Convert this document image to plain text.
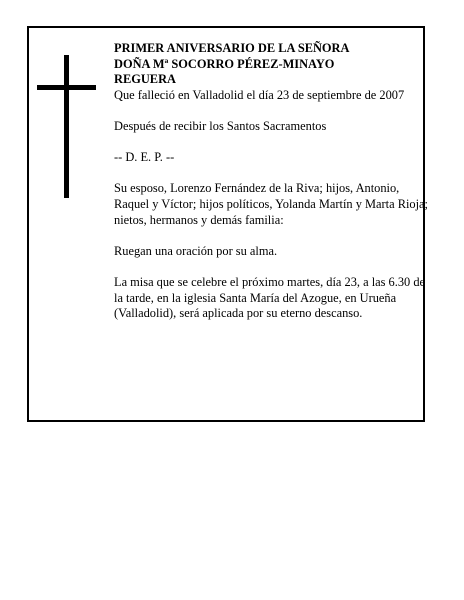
PRIMER ANIVERSARIO DE LA SEÑORA

DOÑA Mª SOCORRO PÉREZ-MINAYO

REGUERA

Que falleció en Valladolid el día 23 de septiembre de 2007

Después de recibir los Santos Sacramentos

-- D. E. P. --

Su esposo, Lorenzo Fernández de la Riva; hijos, Antonio, Raquel y Víctor; hijos políticos, Yolanda Martín y Marta Rioja; nietos, hermanos y demás familia:

Ruegan una oración por su alma.

La misa que se celebre el próximo martes, día 23, a las 6.30 de la tarde, en la iglesia Santa María del Azogue, en Urueña (Valladolid), será aplicada por su eterno descanso.
